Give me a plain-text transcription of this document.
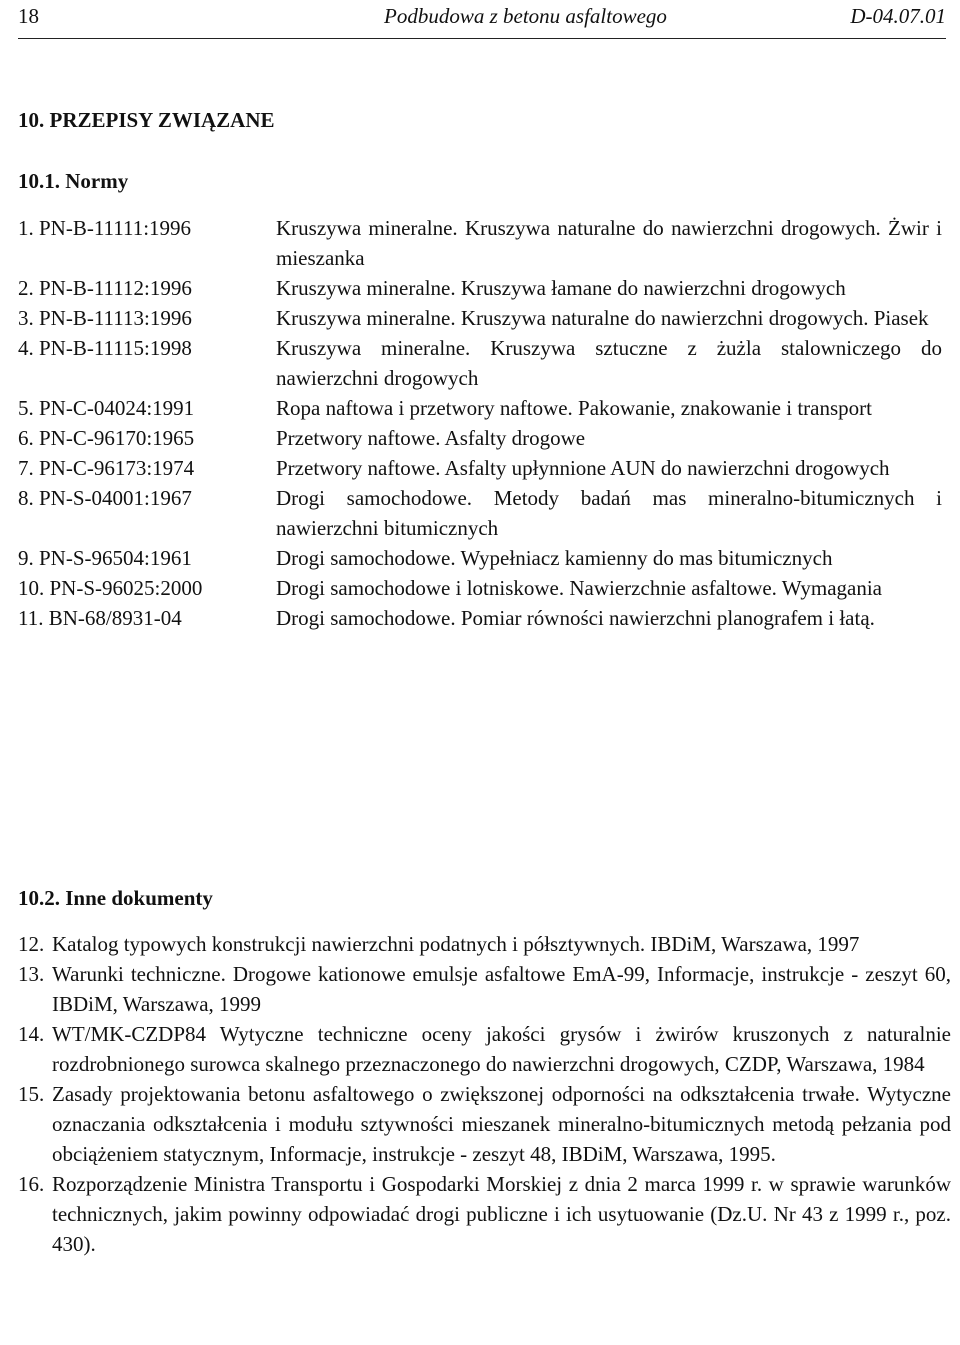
18	Podbudowa z betonu asfaltowego	D-04.07.01
10. PRZEPISY ZWIĄZANE
10.1. Normy
1. PN-B-11111:1996	Kruszywa mineralne. Kruszywa naturalne do nawierzchni drogowych. Żwir i mieszanka
2. PN-B-11112:1996	Kruszywa mineralne. Kruszywa łamane do nawierzchni drogowych
3. PN-B-11113:1996	Kruszywa mineralne. Kruszywa naturalne do nawierzchni drogowych. Piasek
4. PN-B-11115:1998	Kruszywa mineralne. Kruszywa sztuczne z żużla stalowniczego do nawierzchni drogowych
5. PN-C-04024:1991	Ropa naftowa i przetwory naftowe. Pakowanie, znakowanie i transport
6. PN-C-96170:1965	Przetwory naftowe. Asfalty drogowe
7. PN-C-96173:1974	Przetwory naftowe. Asfalty upłynnione AUN do nawierzchni drogowych
8. PN-S-04001:1967	Drogi samochodowe. Metody badań mas mineralno-bitumicznych i nawierzchni bitumicznych
9. PN-S-96504:1961	Drogi samochodowe. Wypełniacz kamienny do mas bitumicznych
10. PN-S-96025:2000	Drogi samochodowe i lotniskowe. Nawierzchnie asfaltowe. Wymagania
11. BN-68/8931-04	Drogi samochodowe. Pomiar równości nawierzchni planografem i łatą.
10.2. Inne dokumenty
12. Katalog typowych konstrukcji nawierzchni podatnych i półsztywnych. IBDiM, Warszawa, 1997
13. Warunki techniczne. Drogowe kationowe emulsje asfaltowe EmA-99, Informacje, instrukcje - zeszyt 60, IBDiM, Warszawa, 1999
14. WT/MK-CZDP84 Wytyczne techniczne oceny jakości grysów i żwirów kruszonych z naturalnie rozdrobnionego surowca skalnego przeznaczonego do nawierzchni drogowych, CZDP, Warszawa, 1984
15. Zasady projektowania betonu asfaltowego o zwiększonej odporności na odkształcenia trwałe. Wytyczne oznaczania odkształcenia i modułu sztywności mieszanek mineralno-bitumicznych metodą pełzania pod obciążeniem statycznym, Informacje, instrukcje - zeszyt 48, IBDiM, Warszawa, 1995.
16. Rozporządzenie Ministra Transportu i Gospodarki Morskiej z dnia 2 marca 1999 r. w sprawie warunków technicznych, jakim powinny odpowiadać drogi publiczne i ich usytuowanie (Dz.U. Nr 43 z 1999 r., poz. 430).
